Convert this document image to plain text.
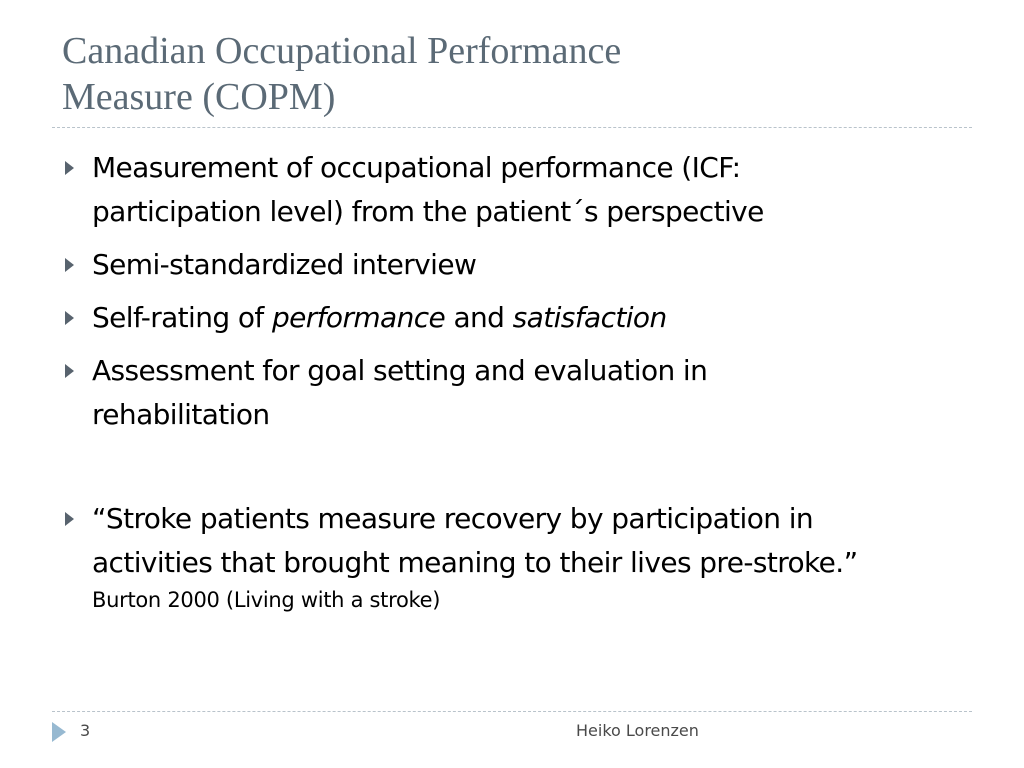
Canadian Occupational Performance
Measure (COPM)
Measurement of occupational performance (ICF:
participation level) from the patient´s perspective
Semi-standardized interview
Self-rating of performance and satisfaction
Assessment for goal setting and evaluation in
rehabilitation
“Stroke patients measure recovery by participation in
activities that brought meaning to their lives pre-stroke.”
Burton 2000 (Living with a stroke)
3	Heiko Lorenzen
